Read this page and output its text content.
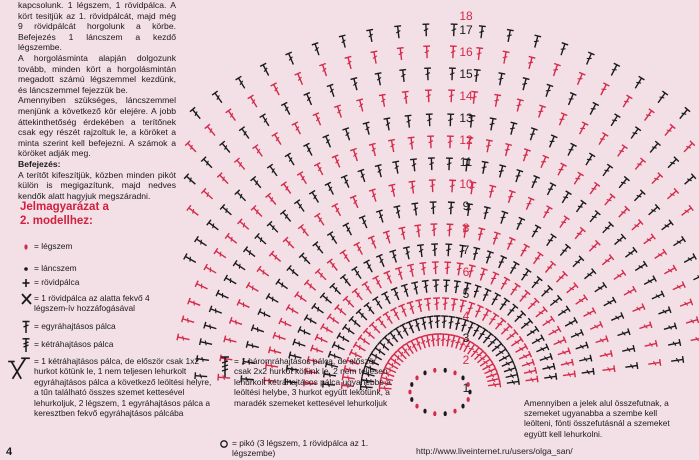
1
2
3
4
5
6
7
8
9
10
11
12
13
14
15
16
17
18

kapcsolunk. 1 légszem, 1 rövidpálca. A kört tesitjük az 1. rövidpálcát, majd még 9 rövidpálcát horgolunk a körbe. Befejezés 1 láncszem a kezdő légszembe.

A horgolásminta alapján dolgozunk tovább, minden kört a horgolásmintán megadott számú légszemmel kezdünk, és láncszemmel fejezzük be.

Amennyiben szükséges, láncszemmel menjünk a következő kör elejére. A jobb áttekinthetőség érdekében a terítőnek csak egy részét rajzoltuk le, a köröket a minta szerint kell befejezni. A számok a köröket adják meg.

Befejezés:

A terítőt kifeszítjük, közben minden pikót külön is megigazítunk, majd nedves kendők alatt hagyjuk megszáradni.

Jelmagyarázat a
2. modellhez:
= légszem
= láncszem
= rövidpálca
= 1 rövidpálca az alatta fekvő 4 légszem-ív hozzáfogásával
= egyráhajtásos pálca
= kétráhajtásos pálca
= 1 kétráhajtásos pálca, de először csak 1x2 hurkot kötünk le, 1 nem teljesen lehurkolt egyráhajtásos pálca a következő leöltési helyre, a tűn található összes szemet kettesével lehurkoljuk, 2 légszem, 1 egyráhajtásos pálca a keresztben fekvő egyráhajtásos pálcába
= 1 háromráhajtásos pálca, de először csak 2x2 hurkot kötünk le, 2 nem teljesen lehurkolt kétráhajtásos pálca ugyanebbe a leöltési helybe, 3 hurkot együtt lekötünk, a maradék szemeket kettesével lehurkoljuk
= pikó (3 légszem, 1 rövidpálca az 1. légszembe)
Amennyiben a jelek alul összefutnak, a szemeket ugyanabba a szembe kell leölteni, fönti összefutásnál a szemeket együtt kell lehurkolni.
4	http://www.liveinternet.ru/users/olga_san/
